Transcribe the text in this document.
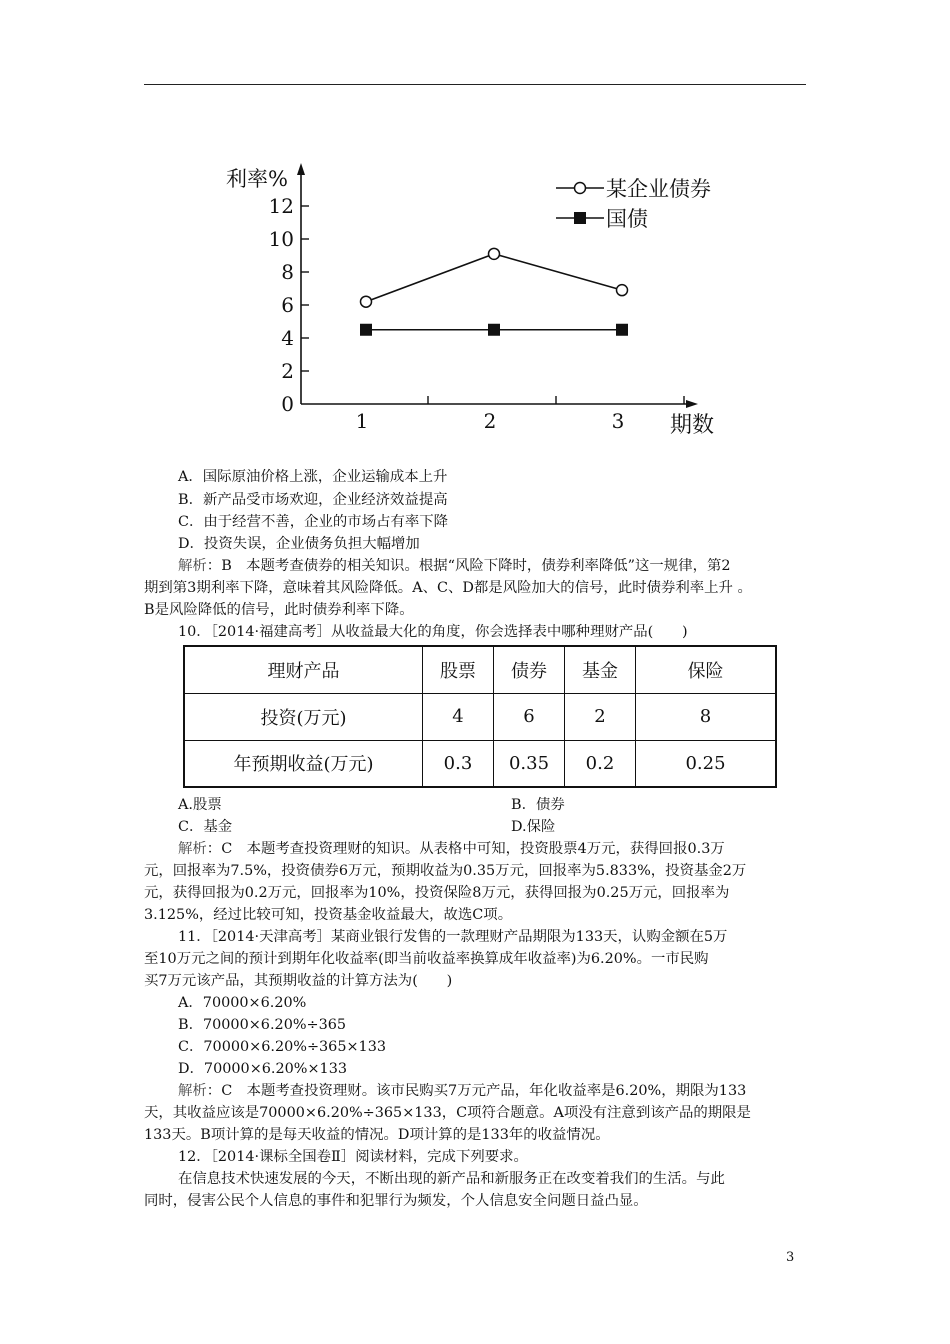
利率%
期数
0
2
4
6
8
10
12
1	2	3
某企业债券
国债
A．国际原油价格上涨，企业运输成本上升
B．新产品受市场欢迎，企业经济效益提高
C．由于经营不善，企业的市场占有率下降
D．投资失误，企业债务负担大幅增加
解析：B　本题考查债券的相关知识。根据“风险下降时，债券利率降低”这一规律，第2
期到第3期利率下降，意味着其风险降低。A、C、D都是风险加大的信号，此时债券利率上升 。
B是风险降低的信号，此时债券利率下降。
10．［2014·福建高考］从收益最大化的角度，你会选择表中哪种理财产品(　　)
理财产品	股票	债券	基金	保险
投资(万元)	4	6	2	8
年预期收益(万元)	0.3	0.35	0.2	0.25
A.股票	B．债券
C．基金	D.保险
解析：C　本题考查投资理财的知识。从表格中可知，投资股票4万元，获得回报0.3万
元，回报率为7.5%，投资债券6万元，预期收益为0.35万元，回报率为5.833%，投资基金2万
元，获得回报为0.2万元，回报率为10%，投资保险8万元，获得回报为0.25万元，回报率为
3.125%，经过比较可知，投资基金收益最大，故选C项。
11．［2014·天津高考］某商业银行发售的一款理财产品期限为133天，认购金额在5万
至10万元之间的预计到期年化收益率(即当前收益率换算成年收益率)为6.20%。一市民购
买7万元该产品，其预期收益的计算方法为(　　)
A．70000×6.20%
B．70000×6.20%÷365
C．70000×6.20%÷365×133
D．70000×6.20%×133
解析：C　本题考查投资理财。该市民购买7万元产品，年化收益率是6.20%，期限为133
天，其收益应该是70000×6.20%÷365×133，C项符合题意。A项没有注意到该产品的期限是
133天。B项计算的是每天收益的情况。D项计算的是133年的收益情况。
12．［2014·课标全国卷Ⅱ］阅读材料，完成下列要求。
在信息技术快速发展的今天，不断出现的新产品和新服务正在改变着我们的生活。与此
同时，侵害公民个人信息的事件和犯罪行为频发，个人信息安全问题日益凸显。
3
